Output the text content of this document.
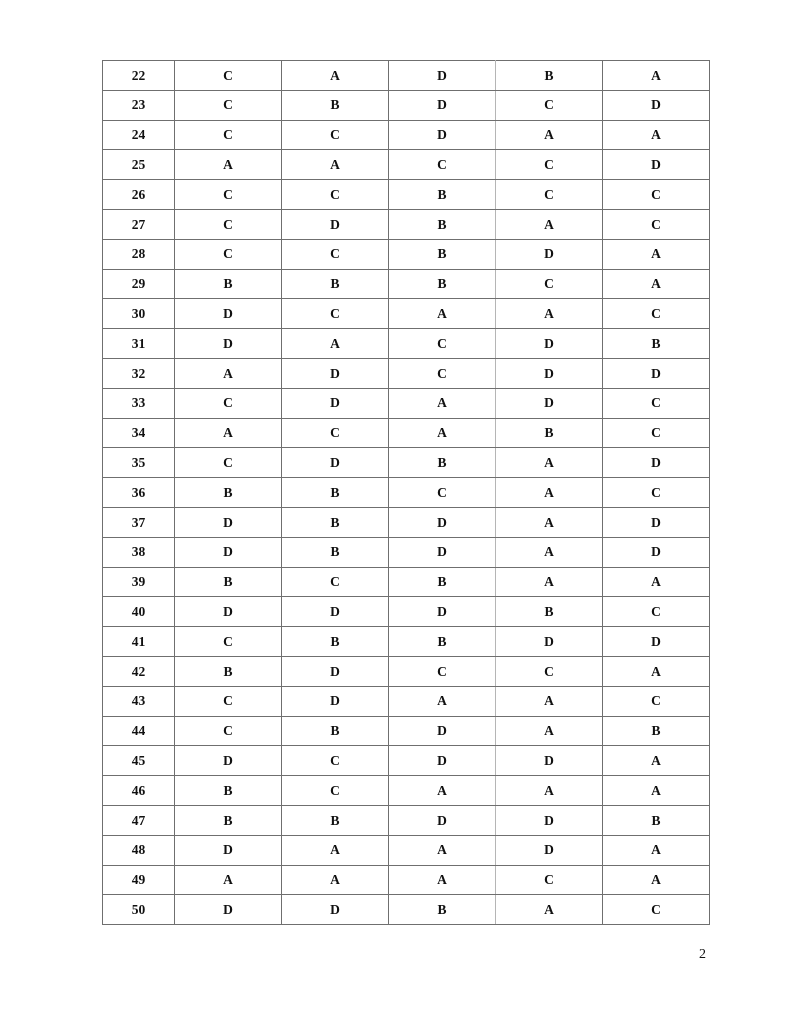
22	C	A	D	B	A
23	C	B	D	C	D
24	C	C	D	A	A
25	A	A	C	C	D
26	C	C	B	C	C
27	C	D	B	A	C
28	C	C	B	D	A
29	B	B	B	C	A
30	D	C	A	A	C
31	D	A	C	D	B
32	A	D	C	D	D
33	C	D	A	D	C
34	A	C	A	B	C
35	C	D	B	A	D
36	B	B	C	A	C
37	D	B	D	A	D
38	D	B	D	A	D
39	B	C	B	A	A
40	D	D	D	B	C
41	C	B	B	D	D
42	B	D	C	C	A
43	C	D	A	A	C
44	C	B	D	A	B
45	D	C	D	D	A
46	B	C	A	A	A
47	B	B	D	D	B
48	D	A	A	D	A
49	A	A	A	C	A
50	D	D	B	A	C
2
